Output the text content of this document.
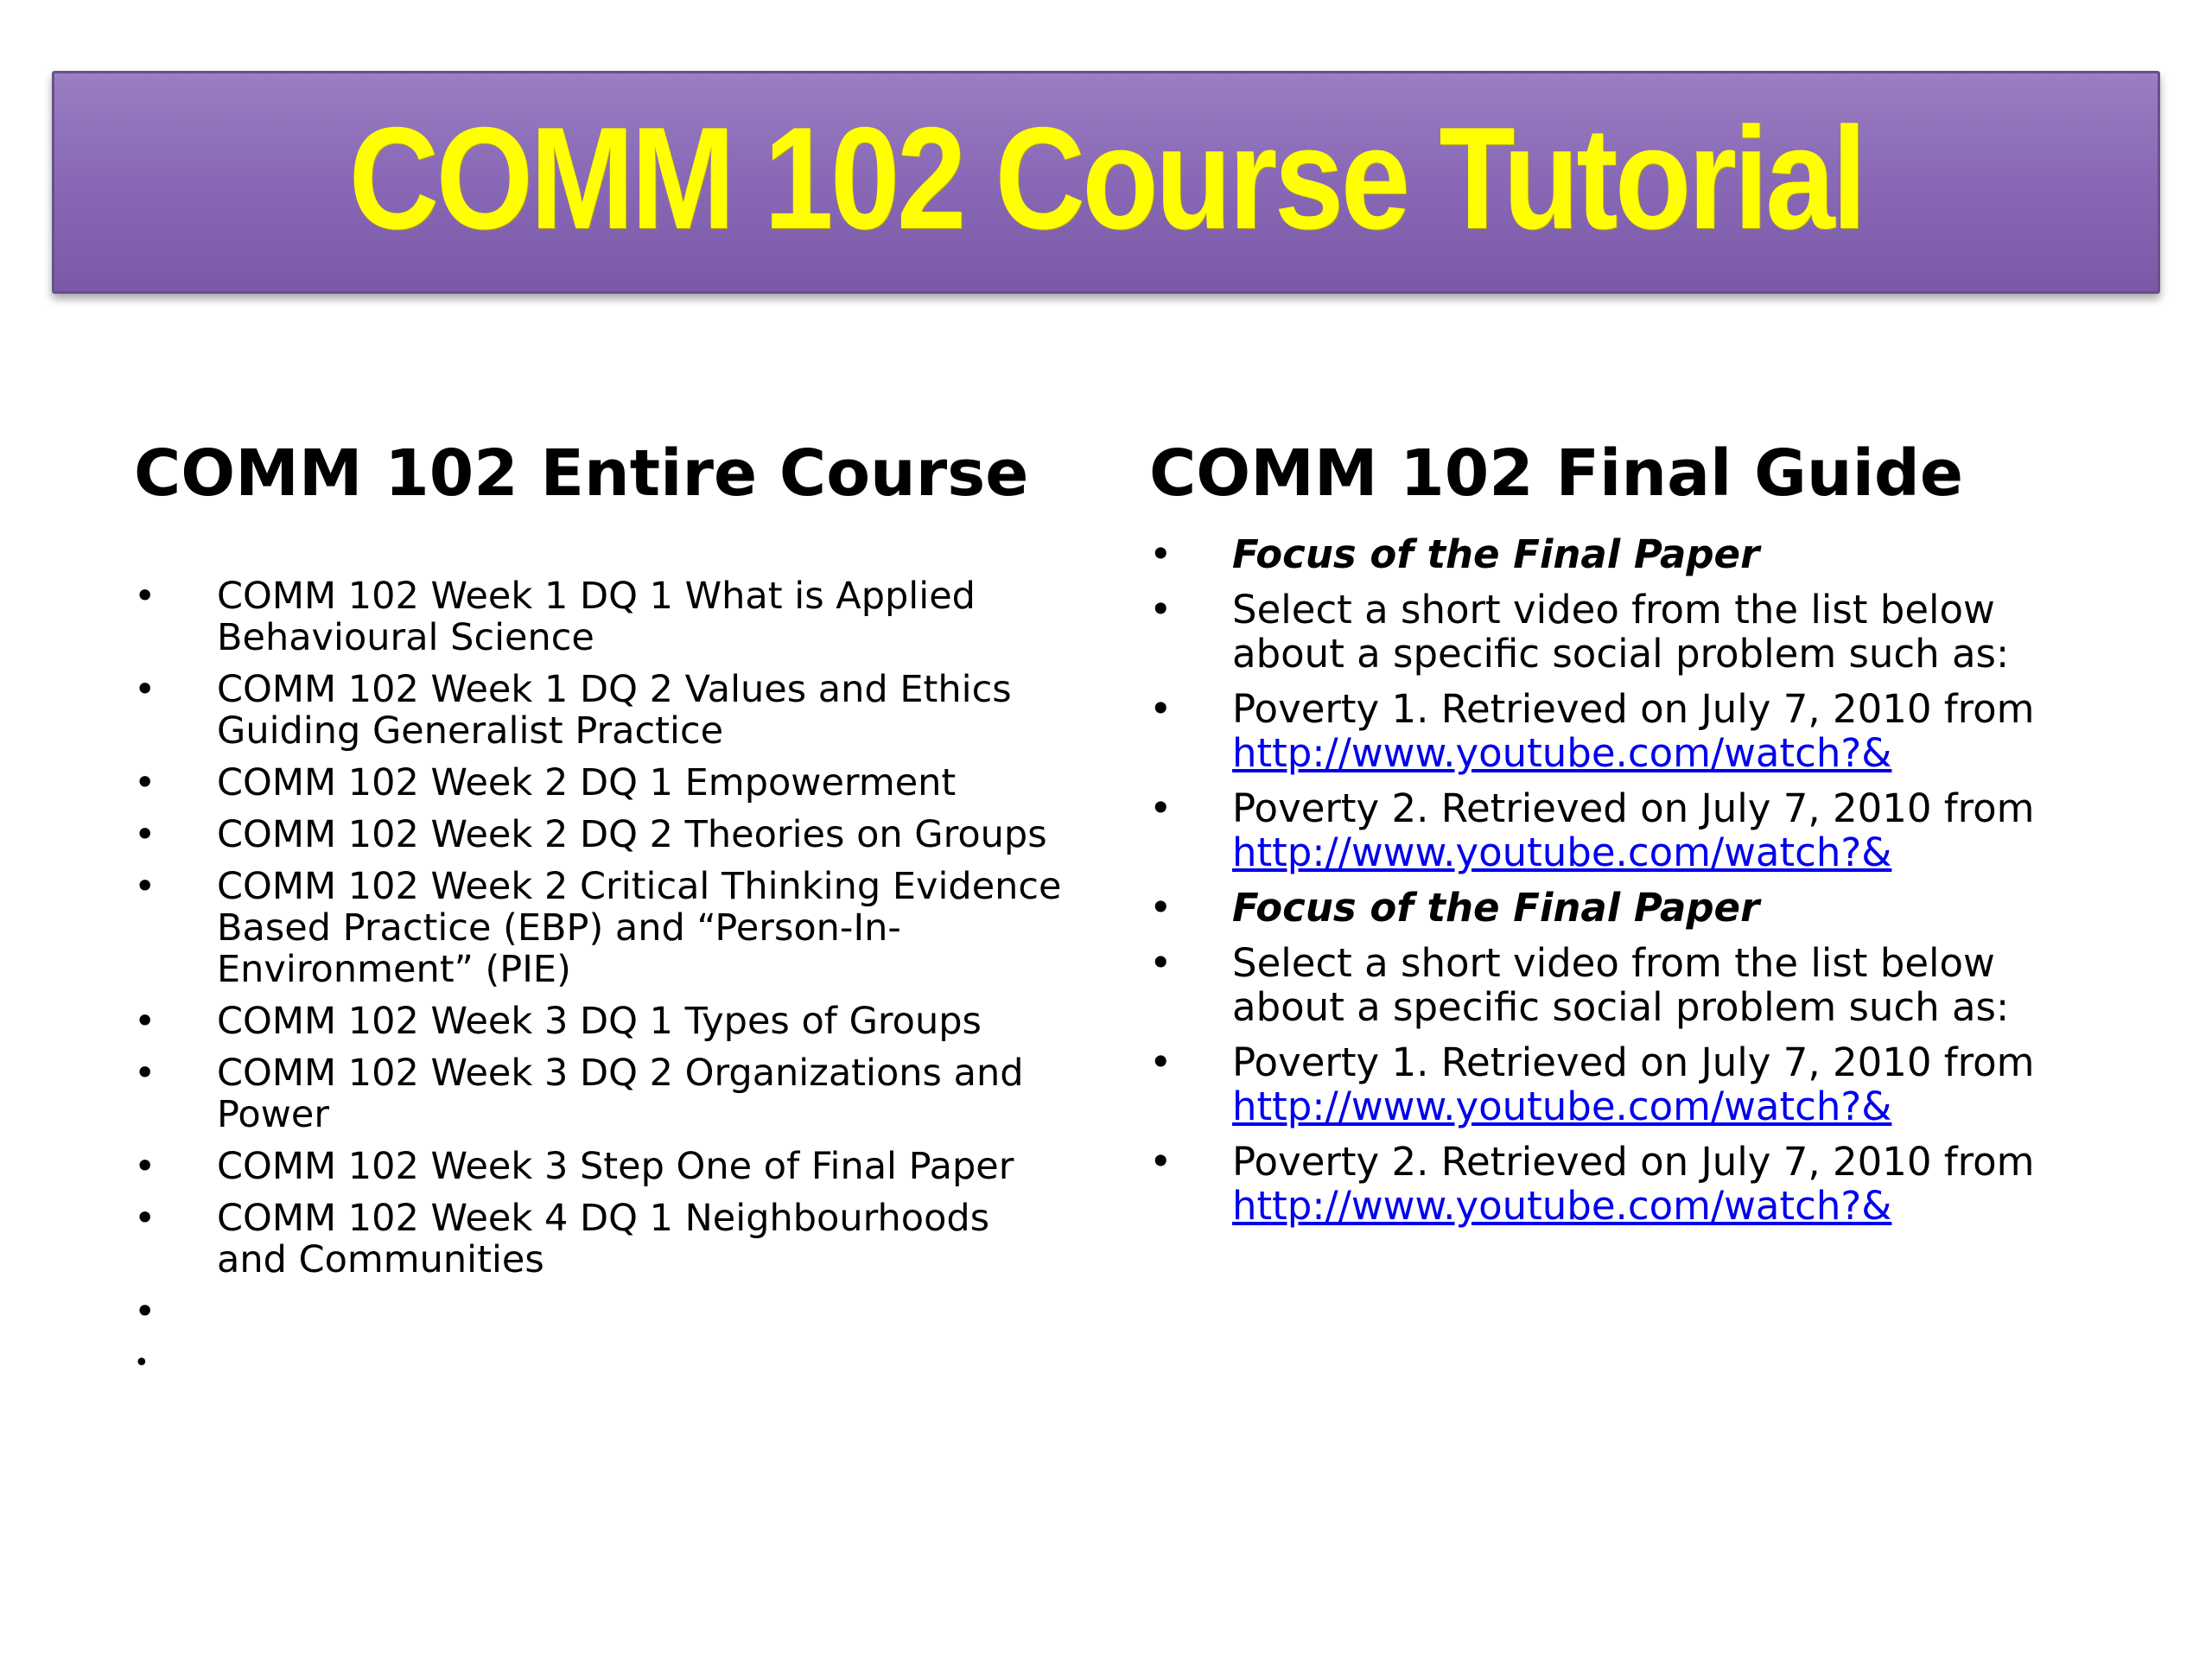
COMM 102 Course Tutorial
COMM 102 Entire Course
• COMM 102 Week 1 DQ 1 What is Applied Behavioural Science
• COMM 102 Week 1 DQ 2 Values and Ethics Guiding Generalist Practice
• COMM 102 Week 2 DQ 1 Empowerment
• COMM 102 Week 2 DQ 2 Theories on Groups
• COMM 102 Week 2 Critical Thinking Evidence Based Practice (EBP) and “Person-In-Environment” (PIE)
• COMM 102 Week 3 DQ 1 Types of Groups
• COMM 102 Week 3 DQ 2 Organizations and Power
• COMM 102 Week 3 Step One of Final Paper
• COMM 102 Week 4 DQ 1 Neighbourhoods and Communities
•
•
COMM 102 Final Guide
• Focus of the Final Paper
• Select a short video from the list below about a specific social problem such as:
• Poverty 1. Retrieved on July 7, 2010 from
http://www.youtube.com/watch?&
• Poverty 2. Retrieved on July 7, 2010 from
http://www.youtube.com/watch?&
• Focus of the Final Paper
• Select a short video from the list below about a specific social problem such as:
• Poverty 1. Retrieved on July 7, 2010 from
http://www.youtube.com/watch?&
• Poverty 2. Retrieved on July 7, 2010 from
http://www.youtube.com/watch?&
